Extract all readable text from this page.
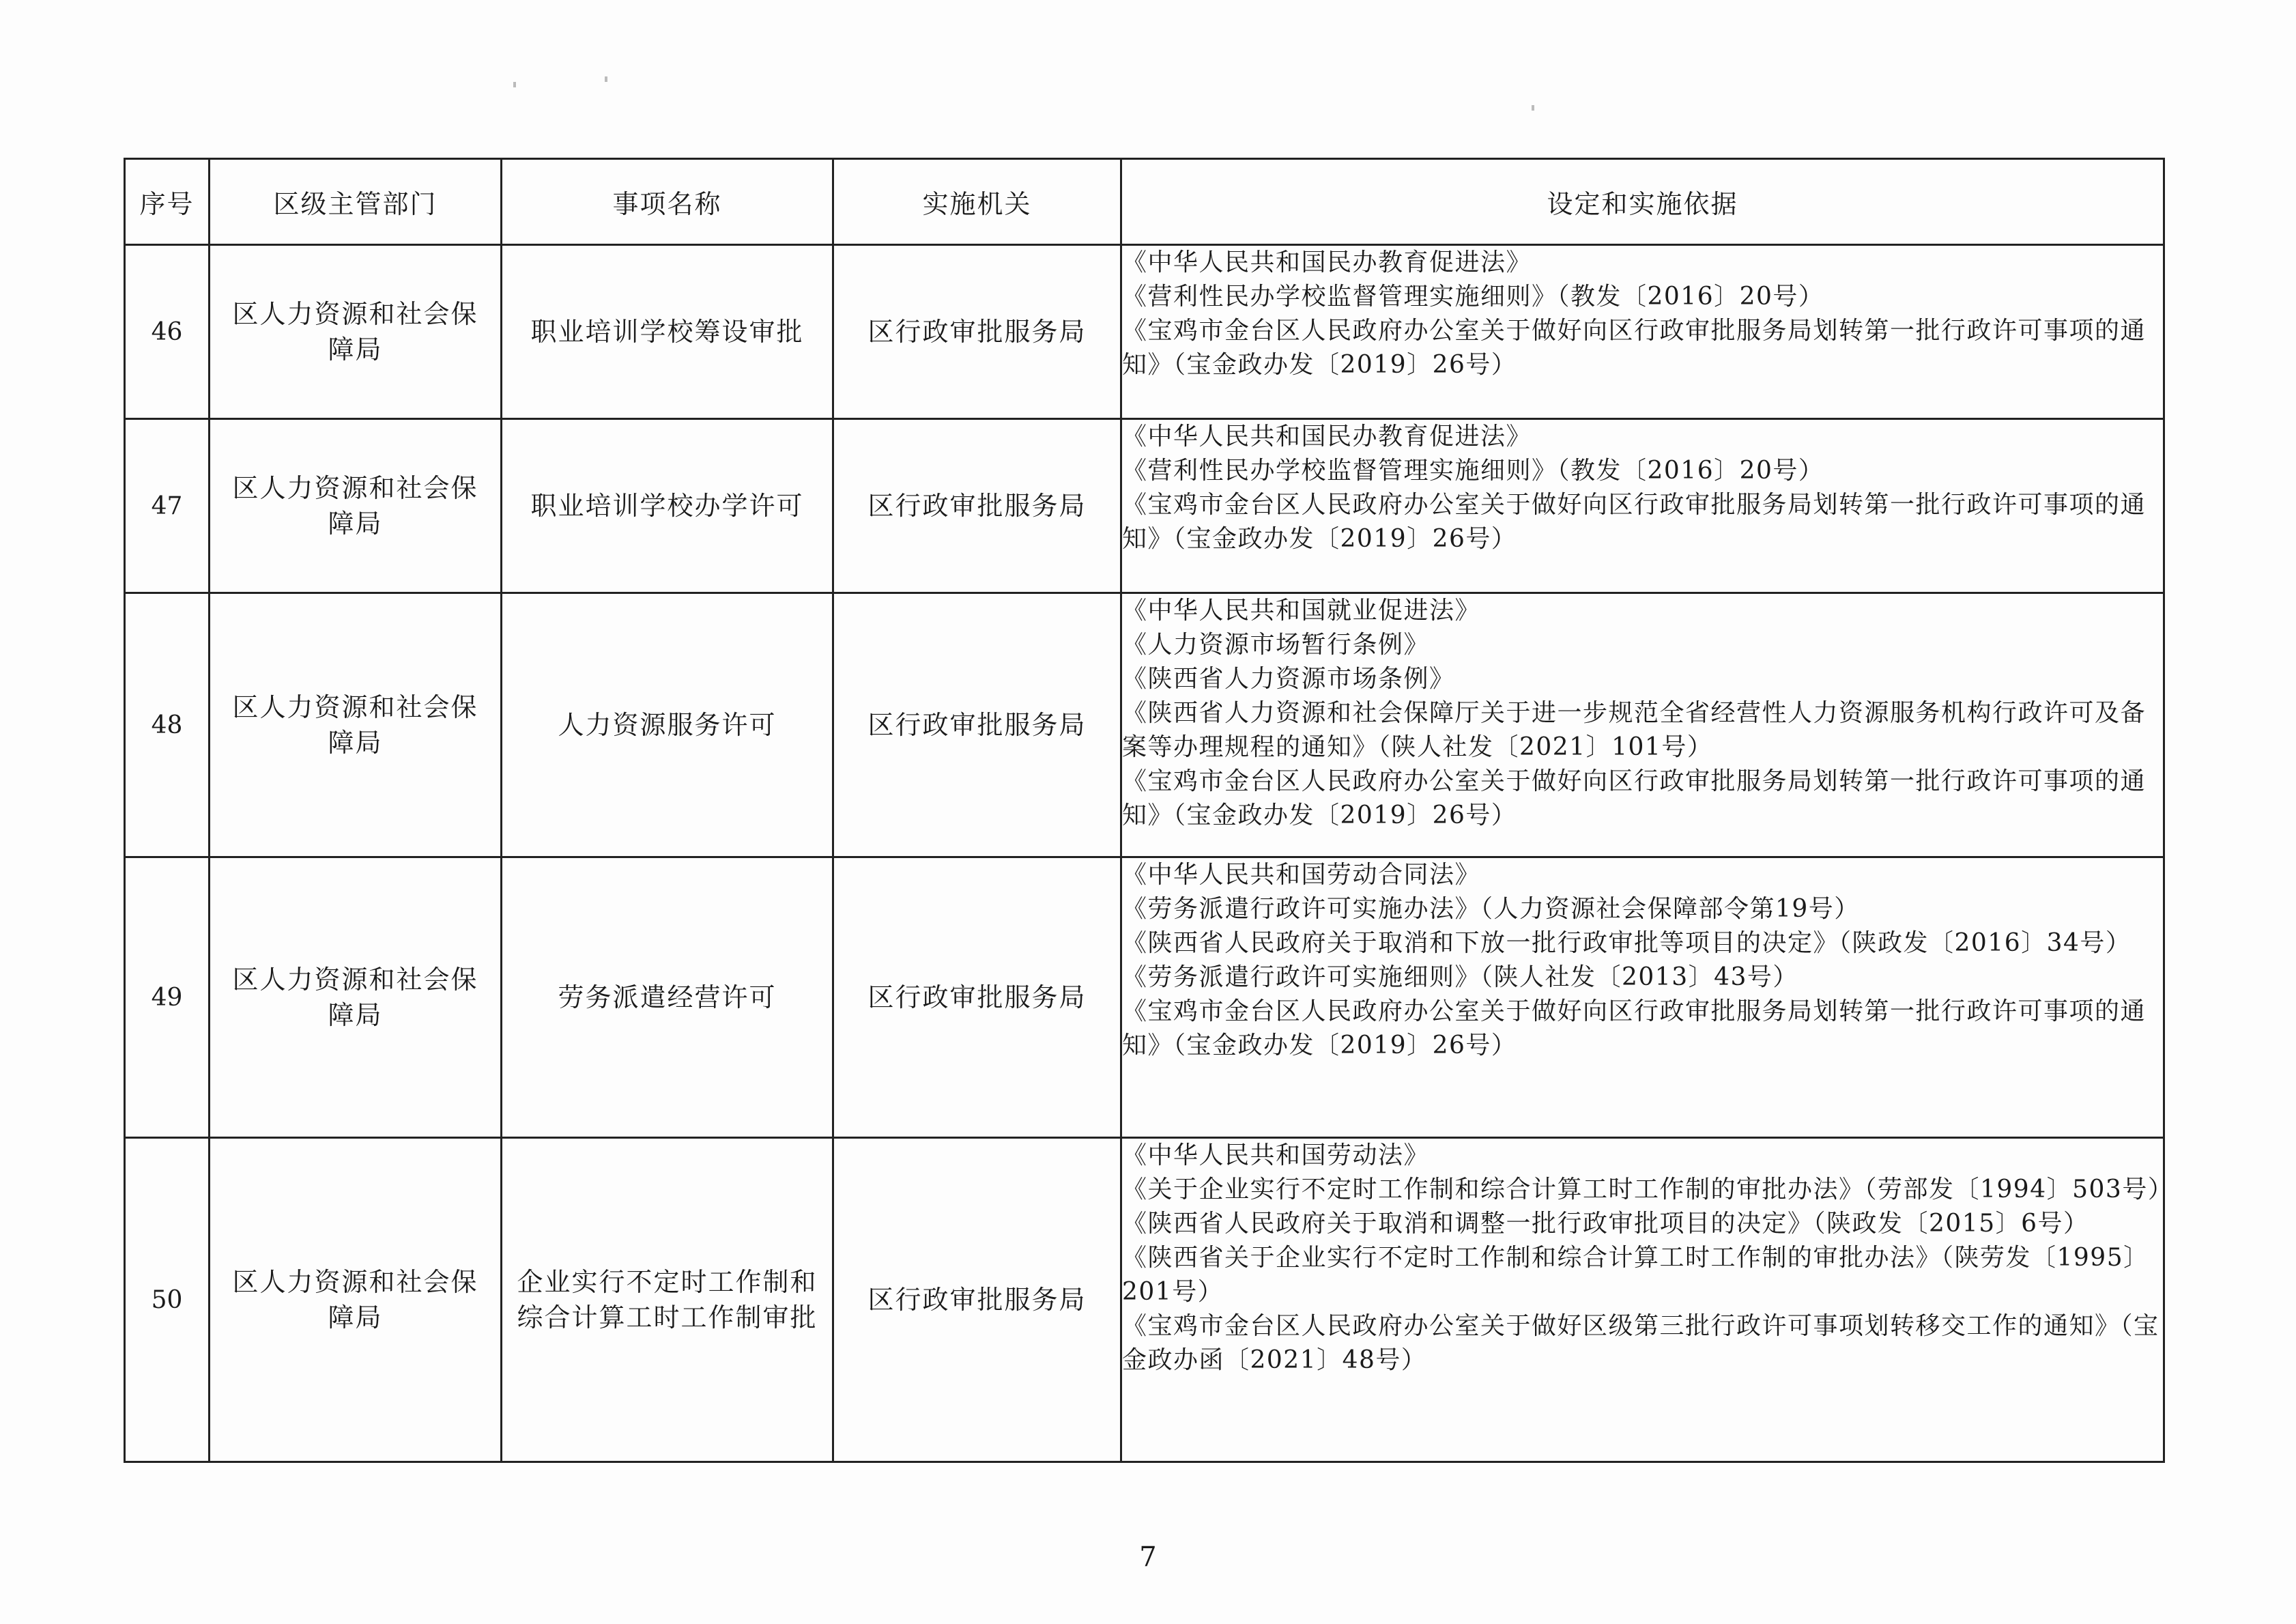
序号	区级主管部门	事项名称	实施机关	设定和实施依据
46	区人力资源和社会保障局	职业培训学校筹设审批	区行政审批服务局	《中华人民共和国民办教育促进法》
《营利性民办学校监督管理实施细则》（教发〔2016〕20号）
《宝鸡市金台区人民政府办公室关于做好向区行政审批服务局划转第一批行政许可事项的通知》（宝金政办发〔2019〕26号）

47	区人力资源和社会保障局	职业培训学校办学许可	区行政审批服务局	《中华人民共和国民办教育促进法》
《营利性民办学校监督管理实施细则》（教发〔2016〕20号）
《宝鸡市金台区人民政府办公室关于做好向区行政审批服务局划转第一批行政许可事项的通知》（宝金政办发〔2019〕26号）

48	区人力资源和社会保障局	人力资源服务许可	区行政审批服务局	《中华人民共和国就业促进法》
《人力资源市场暂行条例》
《陕西省人力资源市场条例》
《陕西省人力资源和社会保障厅关于进一步规范全省经营性人力资源服务机构行政许可及备案等办理规程的通知》（陕人社发〔2021〕101号）
《宝鸡市金台区人民政府办公室关于做好向区行政审批服务局划转第一批行政许可事项的通知》（宝金政办发〔2019〕26号）

49	区人力资源和社会保障局	劳务派遣经营许可	区行政审批服务局	《中华人民共和国劳动合同法》
《劳务派遣行政许可实施办法》（人力资源社会保障部令第19号）
《陕西省人民政府关于取消和下放一批行政审批等项目的决定》（陕政发〔2016〕34号）
《劳务派遣行政许可实施细则》（陕人社发〔2013〕43号）
《宝鸡市金台区人民政府办公室关于做好向区行政审批服务局划转第一批行政许可事项的通知》（宝金政办发〔2019〕26号）

50	区人力资源和社会保障局	企业实行不定时工作制和综合计算工时工作制审批	区行政审批服务局	《中华人民共和国劳动法》
《关于企业实行不定时工作制和综合计算工时工作制的审批办法》（劳部发〔1994〕503号）
《陕西省人民政府关于取消和调整一批行政审批项目的决定》（陕政发〔2015〕6号）
《陕西省关于企业实行不定时工作制和综合计算工时工作制的审批办法》（陕劳发〔1995〕201号）
《宝鸡市金台区人民政府办公室关于做好区级第三批行政许可事项划转移交工作的通知》（宝金政办函〔2021〕48号）
7
